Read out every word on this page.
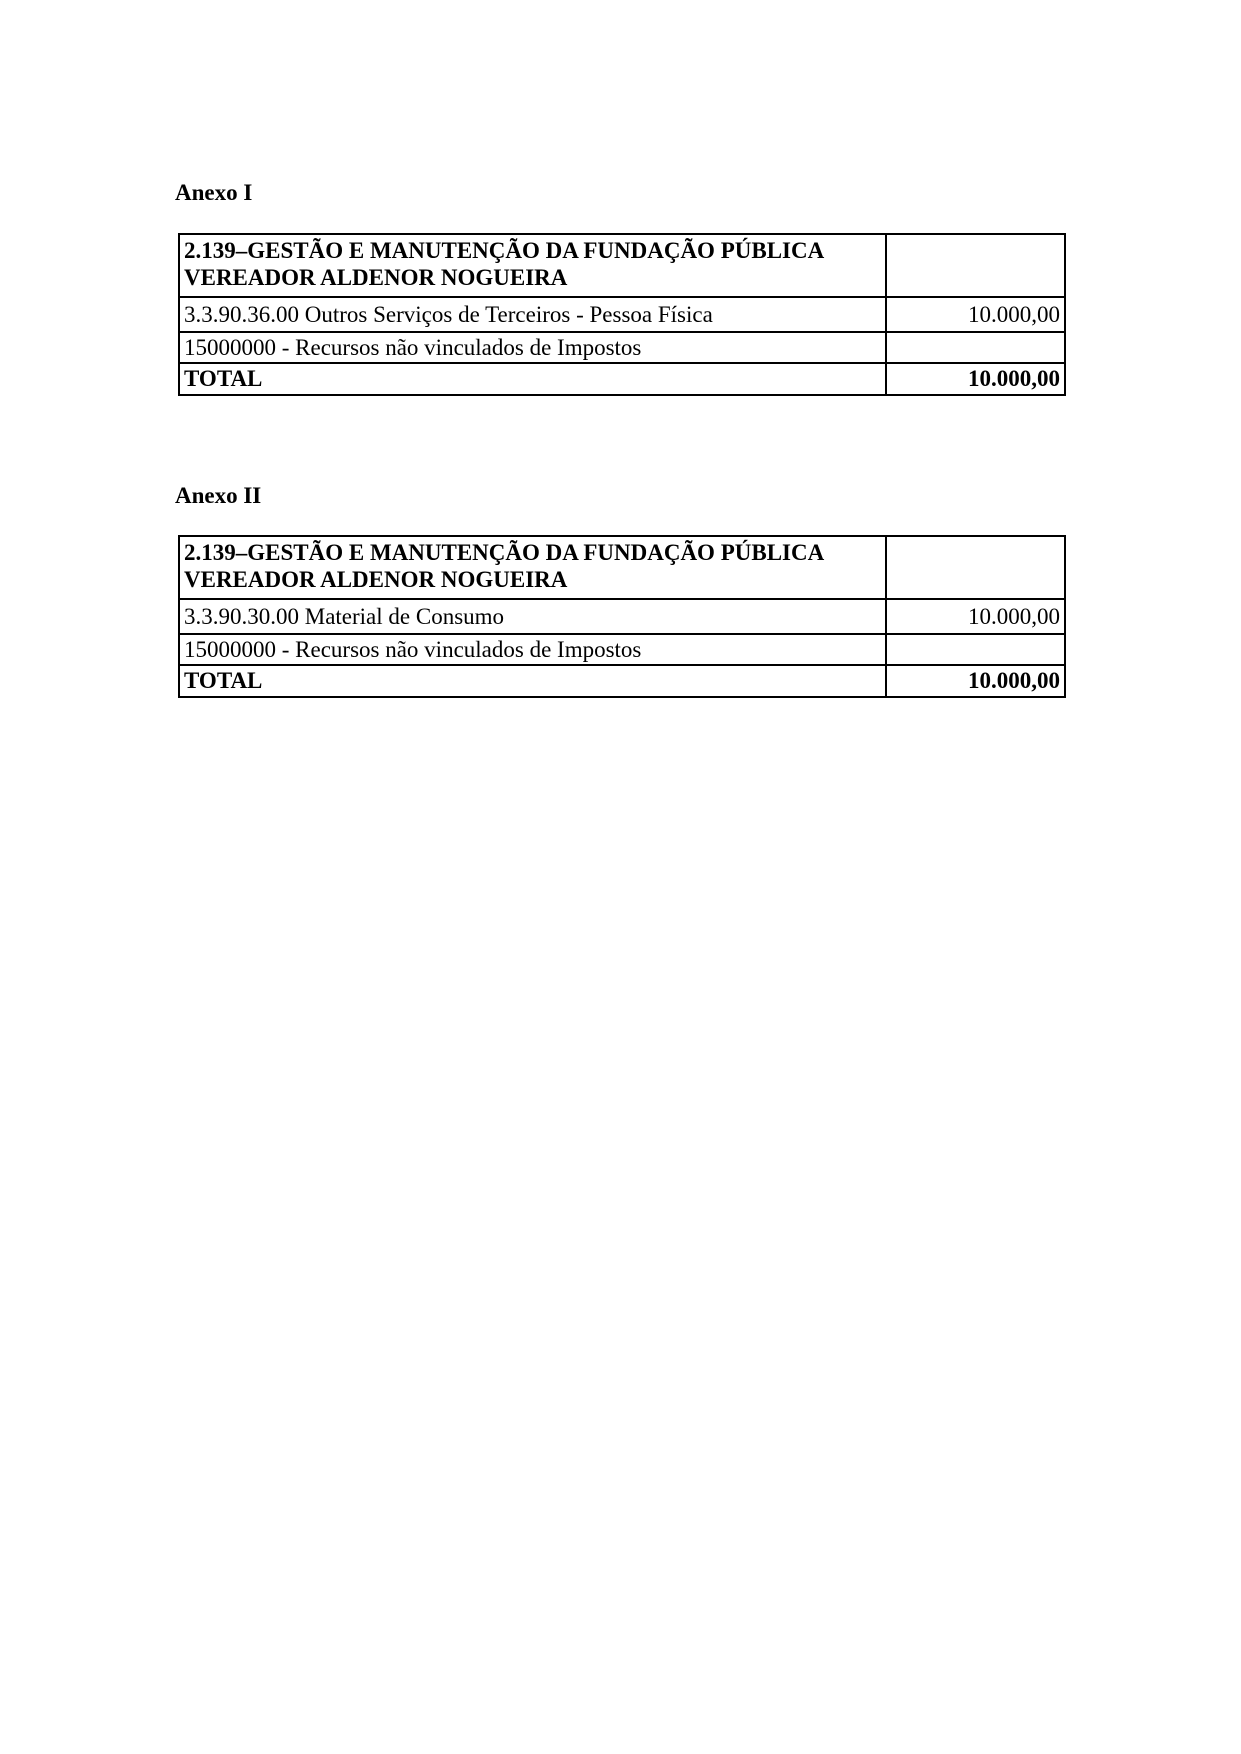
Anexo I
2.139–GESTÃO E MANUTENÇÃO DA FUNDAÇÃO PÚBLICA VEREADOR ALDENOR NOGUEIRA	
3.3.90.36.00 Outros Serviços de Terceiros - Pessoa Física	10.000,00
15000000 - Recursos não vinculados de Impostos	
TOTAL	10.000,00
Anexo II
2.139–GESTÃO E MANUTENÇÃO DA FUNDAÇÃO PÚBLICA VEREADOR ALDENOR NOGUEIRA	
3.3.90.30.00 Material de Consumo	10.000,00
15000000 - Recursos não vinculados de Impostos	
TOTAL	10.000,00
